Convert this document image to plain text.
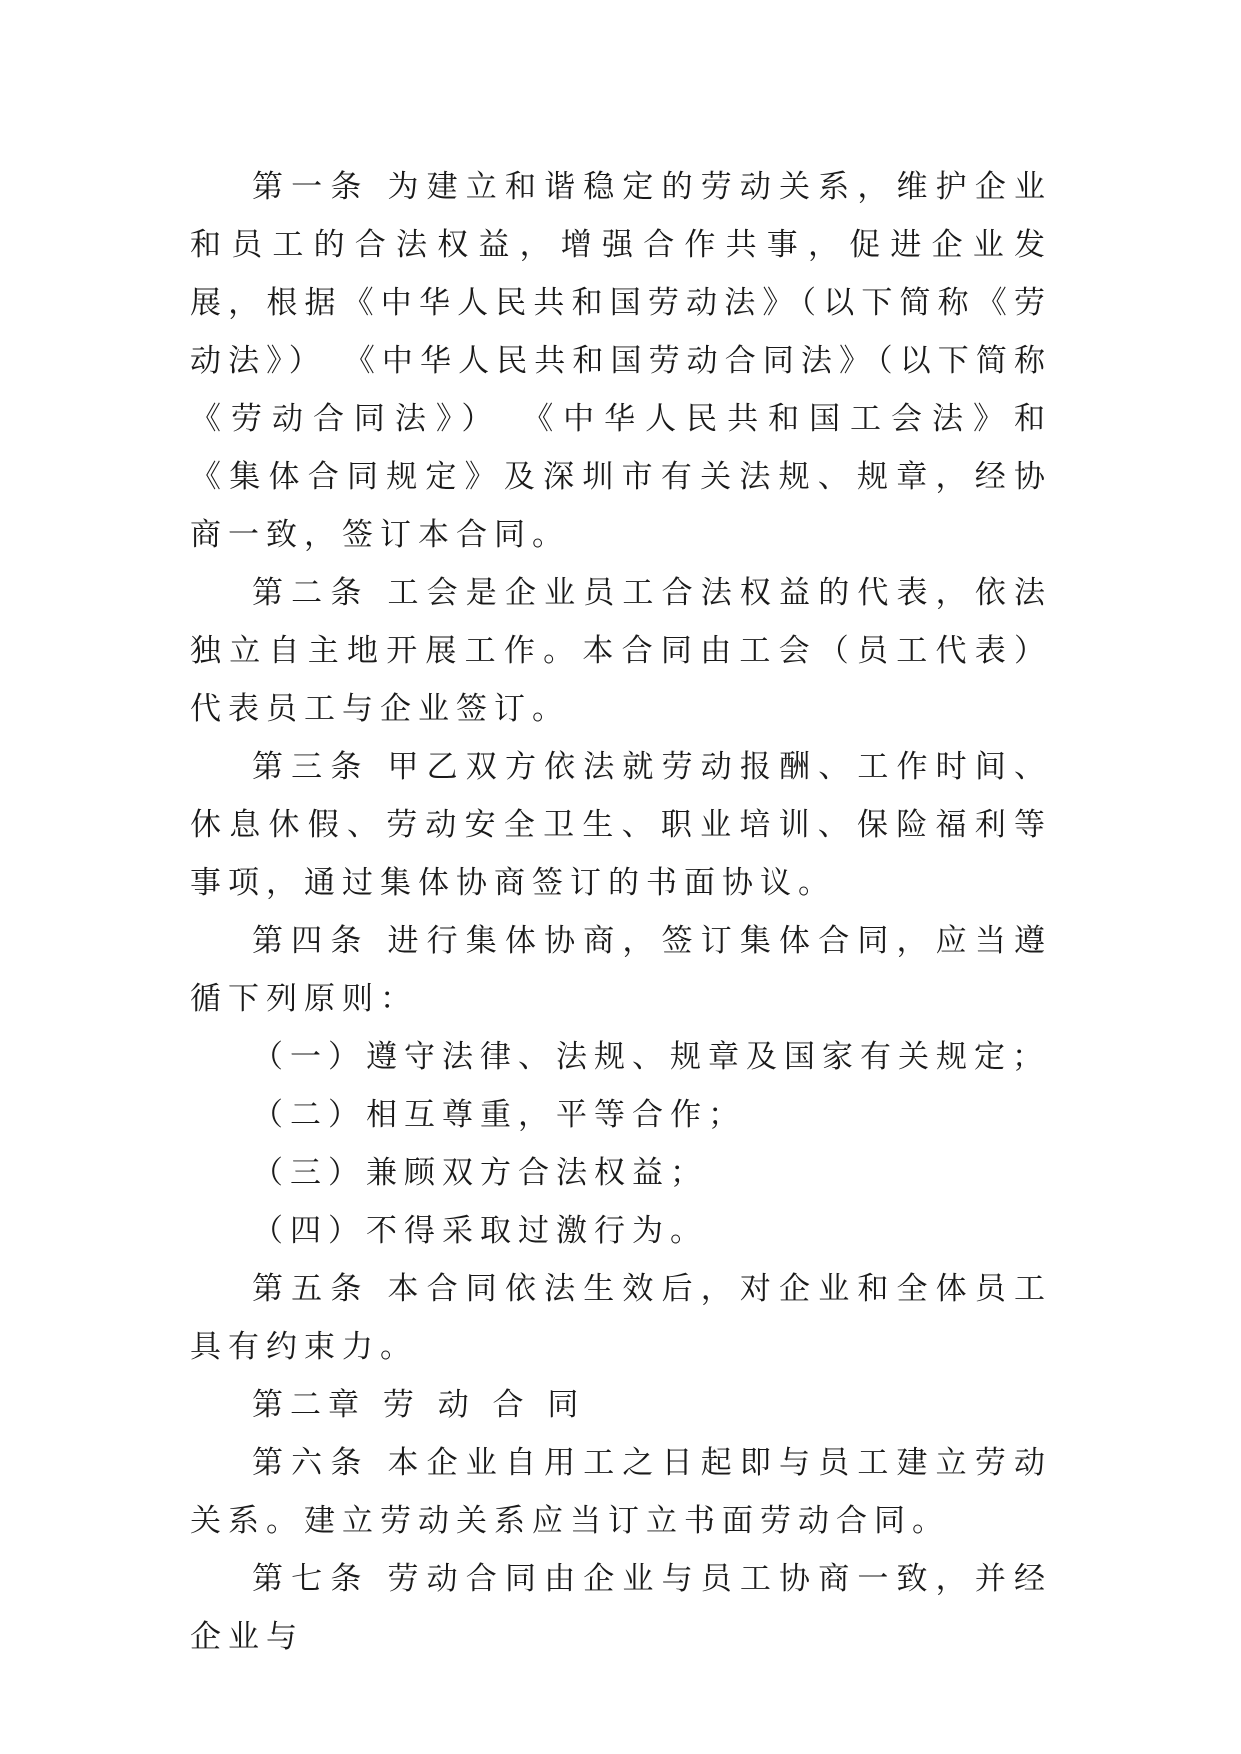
第一条 为建立和谐稳定的劳动关系，维护企业和员工的合法权益，增强合作共事，促进企业发展，根据《中华人民共和国劳动法》（以下简称《劳动法》） 《中华人民共和国劳动合同法》（以下简称《劳动合同法》） 《中华人民共和国工会法》和《集体合同规定》及深圳市有关法规、规章，经协商一致，签订本合同。

第二条 工会是企业员工合法权益的代表，依法独立自主地开展工作。本合同由工会（员工代表）代表员工与企业签订。

第三条 甲乙双方依法就劳动报酬、工作时间、休息休假、劳动安全卫生、职业培训、保险福利等事项，通过集体协商签订的书面协议。

第四条 进行集体协商，签订集体合同，应当遵循下列原则：

（一）遵守法律、法规、规章及国家有关规定；

（二）相互尊重，平等合作；

（三）兼顾双方合法权益；

（四）不得采取过激行为。

第五条 本合同依法生效后，对企业和全体员工具有约束力。

第二章 劳 动 合 同

第六条 本企业自用工之日起即与员工建立劳动关系。建立劳动关系应当订立书面劳动合同。

第七条 劳动合同由企业与员工协商一致，并经企业与
